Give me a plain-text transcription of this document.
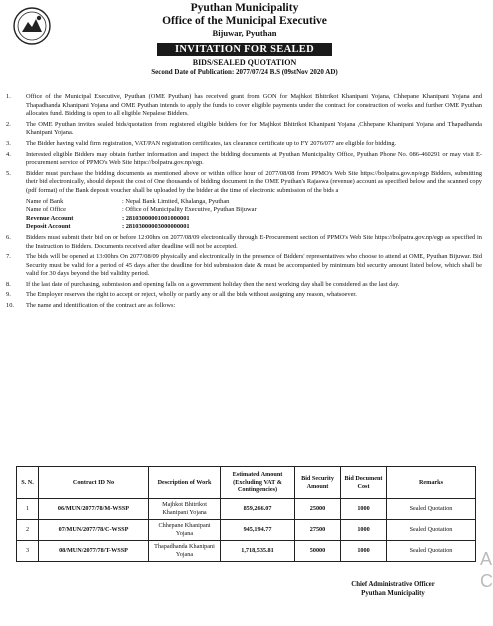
Pyuthan Municipality
Office of the Municipal Executive
Bijuwar, Pyuthan
INVITATION FOR SEALED
BIDS/SEALED QUOTATION
Second Date of Publication: 2077/07/24 B.S (09stNov 2020 AD)
1.	Office of the Municipal Executive, Pyuthan (OME Pyuthan) has received grant from GON for Majhkot Bhitrikot Khanipani Yojana, Chhepane Khanipani Yojana and Thapadhanda Khanipani Yojana and OME Pyuthan intends to apply the funds to cover eligible payments under the contract for construction of works and further OME Pyuthan allocates fund. Bidding is open to all eligible Nepalese Bidders.
2.	The OME Pyuthan invites sealed bids/quotation from registered eligible bidders for for Majhkot Bhitrikot Khanipani Yojana ,Chhepane Khanipani Yojana and Thapadhanda Khanipani Yojana.
3.	The Bidder having valid firm registration, VAT/PAN registration certificates, tax clearance certificate up to FY 2076/077 are eligible for bidding.
4.	Interested eligible Bidders may obtain further information and inspect the bidding documents at Pyuthan Municipality Office, Pyuthan Phone No. 086-460291 or may visit E-procurement service of PPMO's Web Site https://bolpatra.gov.np/egp.
5.	Bidder must purchase the bidding documents as mentioned above or within office hour of 2077/08/08 from PPMO's Web Site https://bolpatra.gov.np/egp Bidders, submitting their bid electronically, should deposit the cost of One thousands of bidding document in the OME Pyuthan's Rajaswa (revenue) account as specified below and the scanned copy (pdf format) of the Bank deposit voucher shall be uploaded by the bidder at the time of electronic submission of the bids a
Name of Bank	: Nepal Bank Limited, Khalanga, Pyuthan
Name of Office	: Office of Municipality Executive, Pyuthan Bijuwar
Revenue Account	: 28103000001001000001
Deposit Account	: 28103000003000000001
6.	Bidders must submit their bid on or before 12:00hrs on 2077/08/09 electronically through E-Procurement section of PPMO's Web Site https://bolpatra.gov.np/egp as specified in the Instruction to Bidders. Documents received after deadline will not be accepted.
7.	The bids will be opened at 13:00hrs On 2077/08/09 physically and electronically in the presence of Bidders' representatives who choose to attend at OME, Pyuthan Bijuwar. Bid Security must be valid for a period of 45 days after the deadline for bid submission date & must be accompanied by minimum bid security amount listed below, which shall be valid for 30 days beyond the bid validity period.
8.	If the last date of purchasing, submission and opening falls on a government holiday then the next working day shall be considered as the last day.
9.	The Employer reserves the right to accept or reject, wholly or partly any or all the bids without assigning any reason, whatsoever.
10.	The name and identification of the contract are as follows:
S. N.	Contract ID No	Description of Work	Estimated Amount (Excluding VAT & Contingencies)	Bid Security Amount	Bid Document Cost	Remarks
1	06/MUN/2077/78/M-WSSP	Majhkot Bhitrikot Khanipani Yojana	859,266.07	25000	1000	Sealed Quotation
2	07/MUN/2077/78/C-WSSP	Chhepane Khanipani Yojana	945,194.77	27500	1000	Sealed Quotation
3	08/MUN/2077/78/T-WSSP	Thapadhanda Khanipani Yojana	1,718,535.81	50000	1000	Sealed Quotation
Chief Administrative Officer
Pyuthan Municipality
A
C
